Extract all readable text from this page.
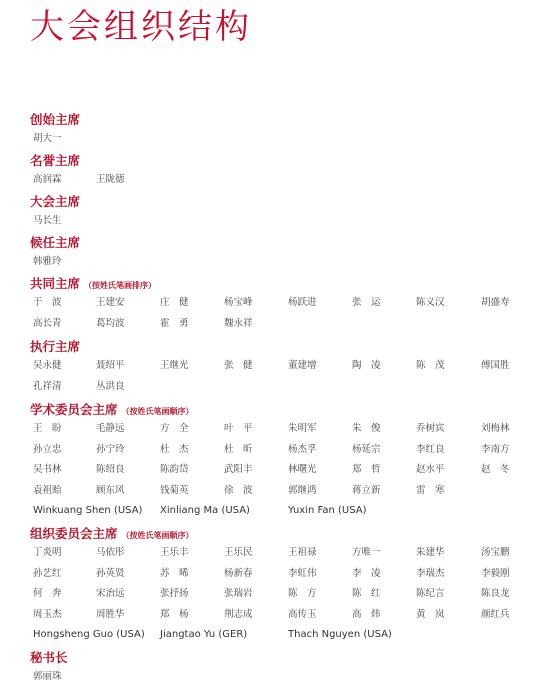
大会组织结构
创始主席
胡大一
名誉主席
高润霖	王陇德
大会主席
马长生
候任主席
韩雅玲
共同主席 （按姓氏笔画排序）
于　波	王建安	庄　健	杨宝峰	杨跃进	张　运	陈义汉	胡盛寿
高长青	葛均波	霍　勇	魏永祥
执行主席
吴永健	聂绍平	王继光	张　健	董建增	陶　凌	陈　茂	傅国胜
孔祥清	丛洪良
学术委员会主席 （按姓氏笔画顺序）
王　盼	毛静远	方　全	叶　平	朱明军	朱　俊	乔树宾	刘梅林
孙立忠	孙宁玲	杜　杰	杜　昕	杨杰孚	杨延宗	李红良	李南方
吴书林	陈绍良	陈韵岱	武阳丰	林曙光	郑　哲	赵水平	赵　冬
袁祖贻	顾东风	钱菊英	徐　波	郭继鸿	蒋立新	雷　寒
Winkuang Shen (USA) Xinliang Ma (USA)	Yuxin Fan (USA)
组织委员会主席 （按姓氏笔画顺序）
丁炎明	马依彤	王乐丰	王乐民	王祖禄	方唯一	朱建华	汤宝鹏
孙艺红	孙英贤	苏　晞	杨新春	李虹伟	李　凌	李瑞杰	李毅刚
何　奔	宋治远	张抒扬	张瑞岩	陈　方	陈　红	陈纪言	陈良龙
周玉杰	周胜华	郑　杨	荆志成	高传玉	高　炜	黄　岚	颜红兵
Hongsheng Guo (USA) Jiangtao Yu (GER)	Thach Nguyen (USA)
秘书长
郭丽珠
